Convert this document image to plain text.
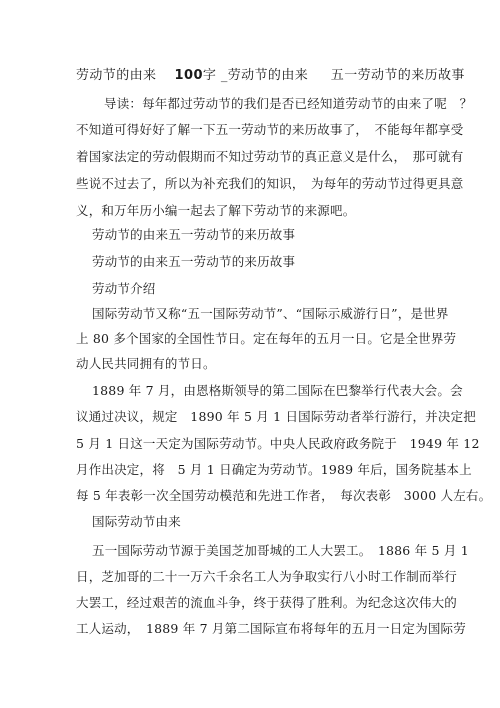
劳动节的由来 100字 _劳动节的由来 五一劳动节的来历故事
导读：每年都过劳动节的我们是否已经知道劳动节的由来了呢　？
不知道可得好好了解一下五一劳动节的来历故事了，　不能每年都享受
着国家法定的劳动假期而不知过劳动节的真正意义是什么，　那可就有
些说不过去了，所以为补充我们的知识，　为每年的劳动节过得更具意
义，和万年历小编一起去了解下劳动节的来源吧。
劳动节的由来五一劳动节的来历故事
劳动节的由来五一劳动节的来历故事
劳动节介绍
国际劳动节又称“五一国际劳动节”、“国际示威游行日”，是世界
上 80 多个国家的全国性节日。定在每年的五月一日。它是全世界劳
动人民共同拥有的节日。
1889 年 7 月，由恩格斯领导的第二国际在巴黎举行代表大会。会
议通过决议，规定　1890 年 5 月 1 日国际劳动者举行游行，并决定把
5 月 1 日这一天定为国际劳动节。中央人民政府政务院于　1949 年 12
月作出决定，将　5 月 1 日确定为劳动节。1989 年后，国务院基本上
每 5 年表彰一次全国劳动模范和先进工作者，　每次表彰　3000 人左右。
国际劳动节由来
五一国际劳动节源于美国芝加哥城的工人大罢工。　1886 年 5 月 1
日，芝加哥的二十一万六千余名工人为争取实行八小时工作制而举行
大罢工，经过艰苦的流血斗争，终于获得了胜利。为纪念这次伟大的
工人运动，　1889 年 7 月第二国际宣布将每年的五月一日定为国际劳
